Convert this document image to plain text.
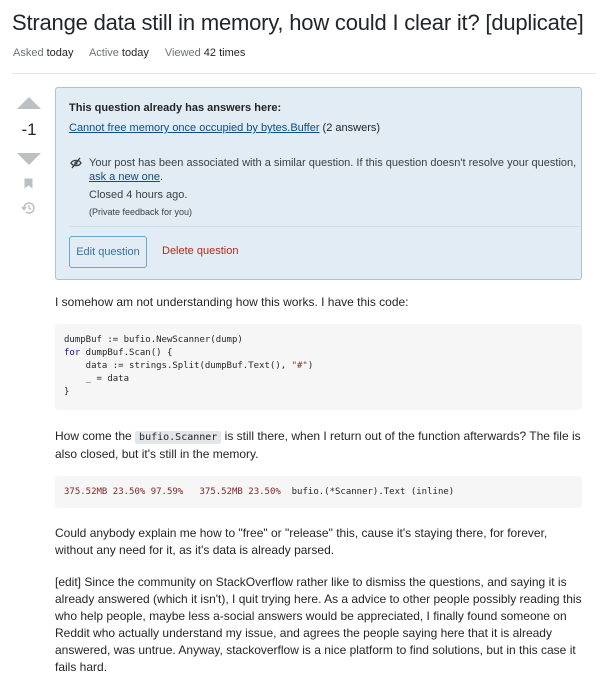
Strange data still in memory, how could I clear it? [duplicate]
Asked today Active today Viewed 42 times
-1
This question already has answers here:
Cannot free memory once occupied by bytes.Buffer (2 answers)
Your post has been associated with a similar question. If this question doesn't resolve your question, ask a new one.
Closed 4 hours ago.
(Private feedback for you)
Edit question	Delete question
I somehow am not understanding how this works. I have this code:
dumpBuf := bufio.NewScanner(dump)
for dumpBuf.Scan() {
data := strings.Split(dumpBuf.Text(), "#")
_ = data
}
How come the bufio.Scanner is still there, when I return out of the function afterwards? The file is also closed, but it's still in the memory.
375.52MB 23.50% 97.59% 375.52MB 23.50% bufio.(*Scanner).Text (inline)
Could anybody explain me how to "free" or "release" this, cause it's staying there, for forever, without any need for it, as it's data is already parsed.
[edit] Since the community on StackOverflow rather like to dismiss the questions, and saying it is already answered (which it isn't), I quit trying here. As a advice to other people possibly reading this who help people, maybe less a-social answers would be appreciated, I finally found someone on Reddit who actually understand my issue, and agrees the people saying here that it is already answered, was untrue. Anyway, stackoverflow is a nice platform to find solutions, but in this case it fails hard.
